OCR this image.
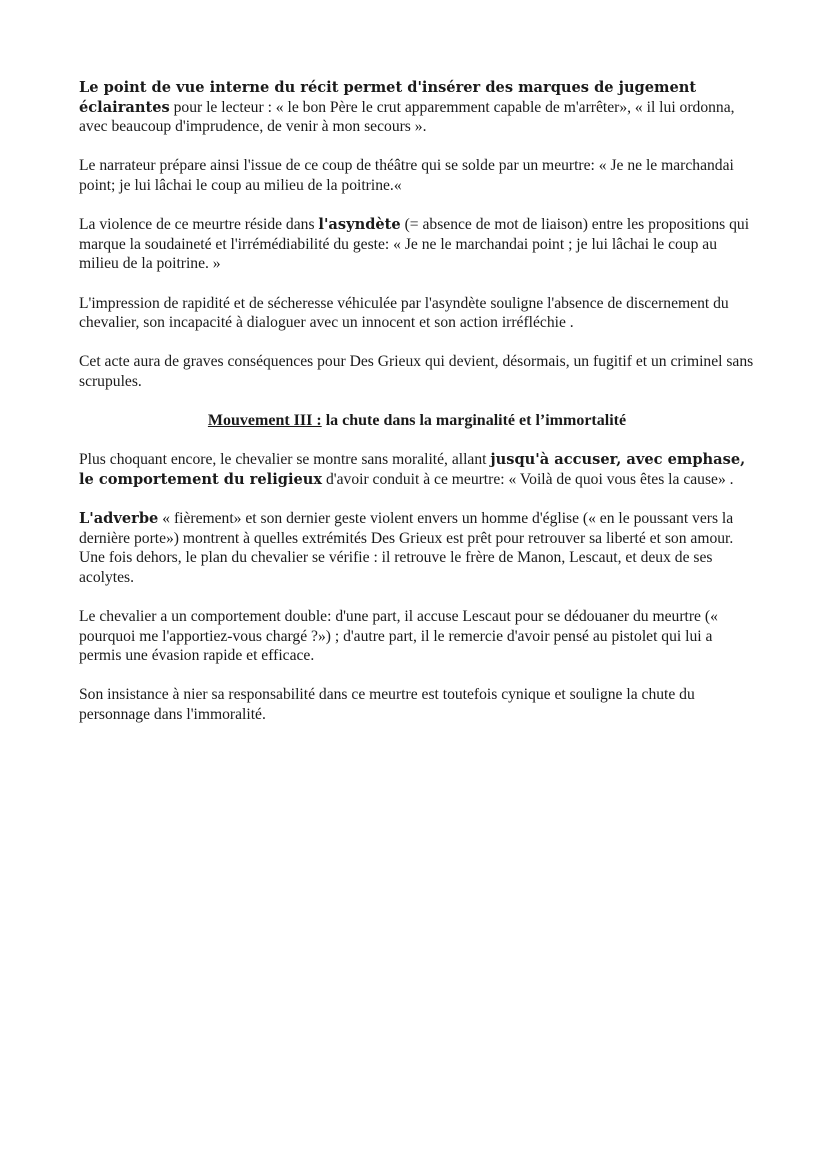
Le point de vue interne du récit permet d'insérer des marques de jugement éclairantes pour le lecteur : « le bon Père le crut apparemment capable de m'arrêter», « il lui ordonna, avec beaucoup d'imprudence, de venir à mon secours ».

Le narrateur prépare ainsi l'issue de ce coup de théâtre qui se solde par un meurtre: « Je ne le marchandai point; je lui lâchai le coup au milieu de la poitrine.«

La violence de ce meurtre réside dans l'asyndète (= absence de mot de liaison) entre les propositions qui marque la soudaineté et l'irrémédiabilité du geste: « Je ne le marchandai point ; je lui lâchai le coup au milieu de la poitrine. »

L'impression de rapidité et de sécheresse véhiculée par l'asyndète souligne l'absence de discernement du chevalier, son incapacité à dialoguer avec un innocent et son action irréfléchie .

Cet acte aura de graves conséquences pour Des Grieux qui devient, désormais, un fugitif et un criminel sans scrupules.

Mouvement III : la chute dans la marginalité et l’immortalité

Plus choquant encore, le chevalier se montre sans moralité, allant jusqu'à accuser, avec emphase, le comportement du religieux d'avoir conduit à ce meurtre: « Voilà de quoi vous êtes la cause» .

L'adverbe « fièrement» et son dernier geste violent envers un homme d'église (« en le poussant vers la dernière porte») montrent à quelles extrémités Des Grieux est prêt pour retrouver sa liberté et son amour. Une fois dehors, le plan du chevalier se vérifie : il retrouve le frère de Manon, Lescaut, et deux de ses acolytes.

Le chevalier a un comportement double: d'une part, il accuse Lescaut pour se dédouaner du meurtre (« pourquoi me l'apportiez-vous chargé ?») ; d'autre part, il le remercie d'avoir pensé au pistolet qui lui a permis une évasion rapide et efficace.

Son insistance à nier sa responsabilité dans ce meurtre est toutefois cynique et souligne la chute du personnage dans l'immoralité.
